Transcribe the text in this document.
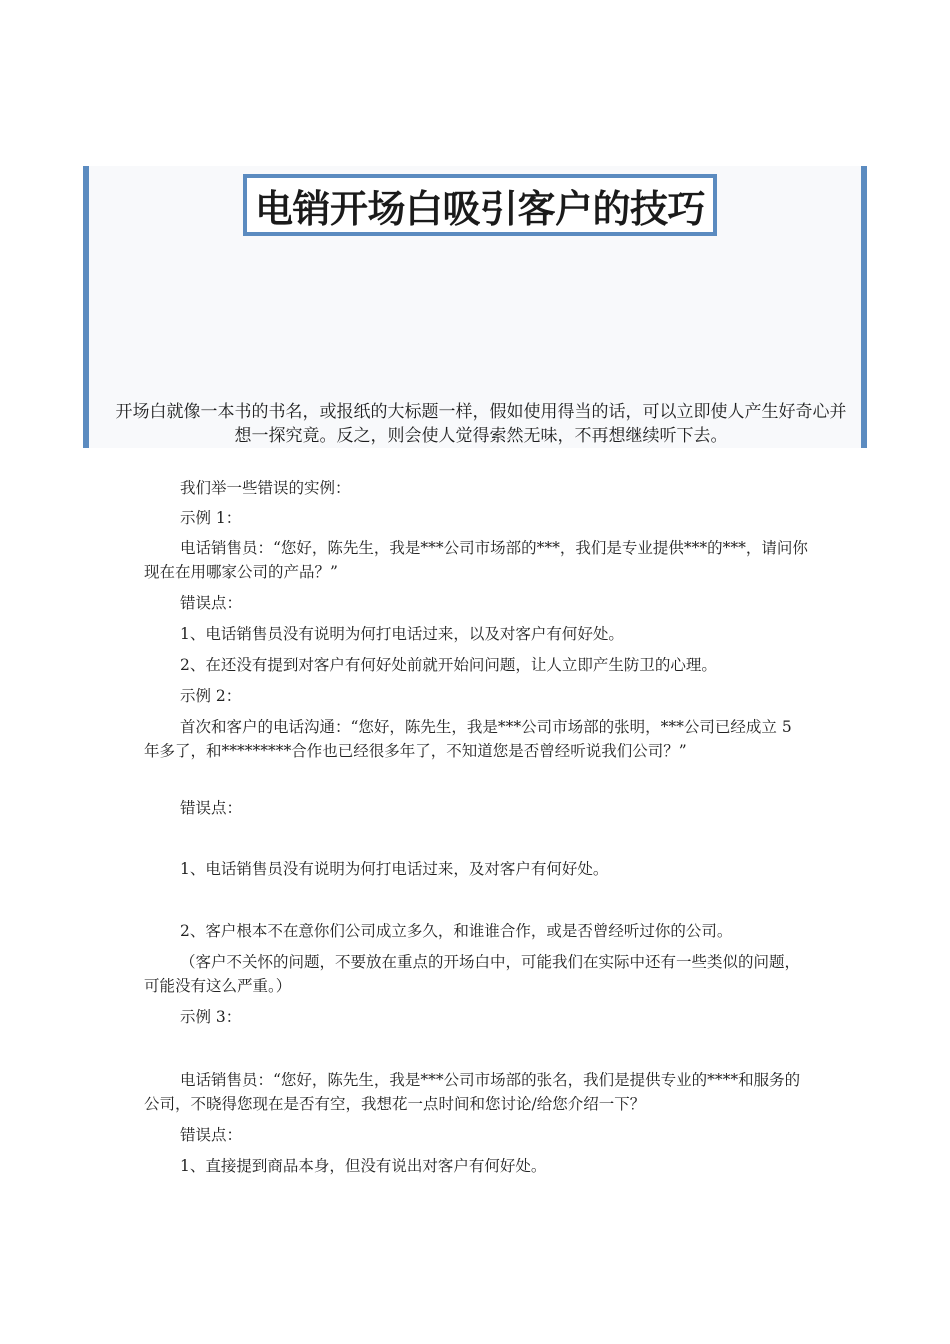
电销开场白吸引客户的技巧
开场白就像一本书的书名，或报纸的大标题一样，假如使用得当的话，可以立即使人产生好奇心并想一探究竟。反之，则会使人觉得索然无味，不再想继续听下去。

我们举一些错误的实例：

示例 1：

电话销售员：“您好，陈先生，我是***公司市场部的***，我们是专业提供***的***，请问你现在在用哪家公司的产品？”

错误点：

1、电话销售员没有说明为何打电话过来，以及对客户有何好处。

2、在还没有提到对客户有何好处前就开始问问题，让人立即产生防卫的心理。

示例 2：

首次和客户的电话沟通：“您好，陈先生，我是***公司市场部的张明，***公司已经成立 5 年多了，和*********合作也已经很多年了，不知道您是否曾经听说我们公司？”

错误点：

1、电话销售员没有说明为何打电话过来，及对客户有何好处。

2、客户根本不在意你们公司成立多久，和谁谁合作，或是否曾经听过你的公司。

（客户不关怀的问题，不要放在重点的开场白中，可能我们在实际中还有一些类似的问题，可能没有这么严重。）

示例 3：

电话销售员：“您好，陈先生，我是***公司市场部的张名，我们是提供专业的****和服务的公司，不晓得您现在是否有空，我想花一点时间和您讨论/给您介绍一下？

错误点：

1、直接提到商品本身，但没有说出对客户有何好处。
